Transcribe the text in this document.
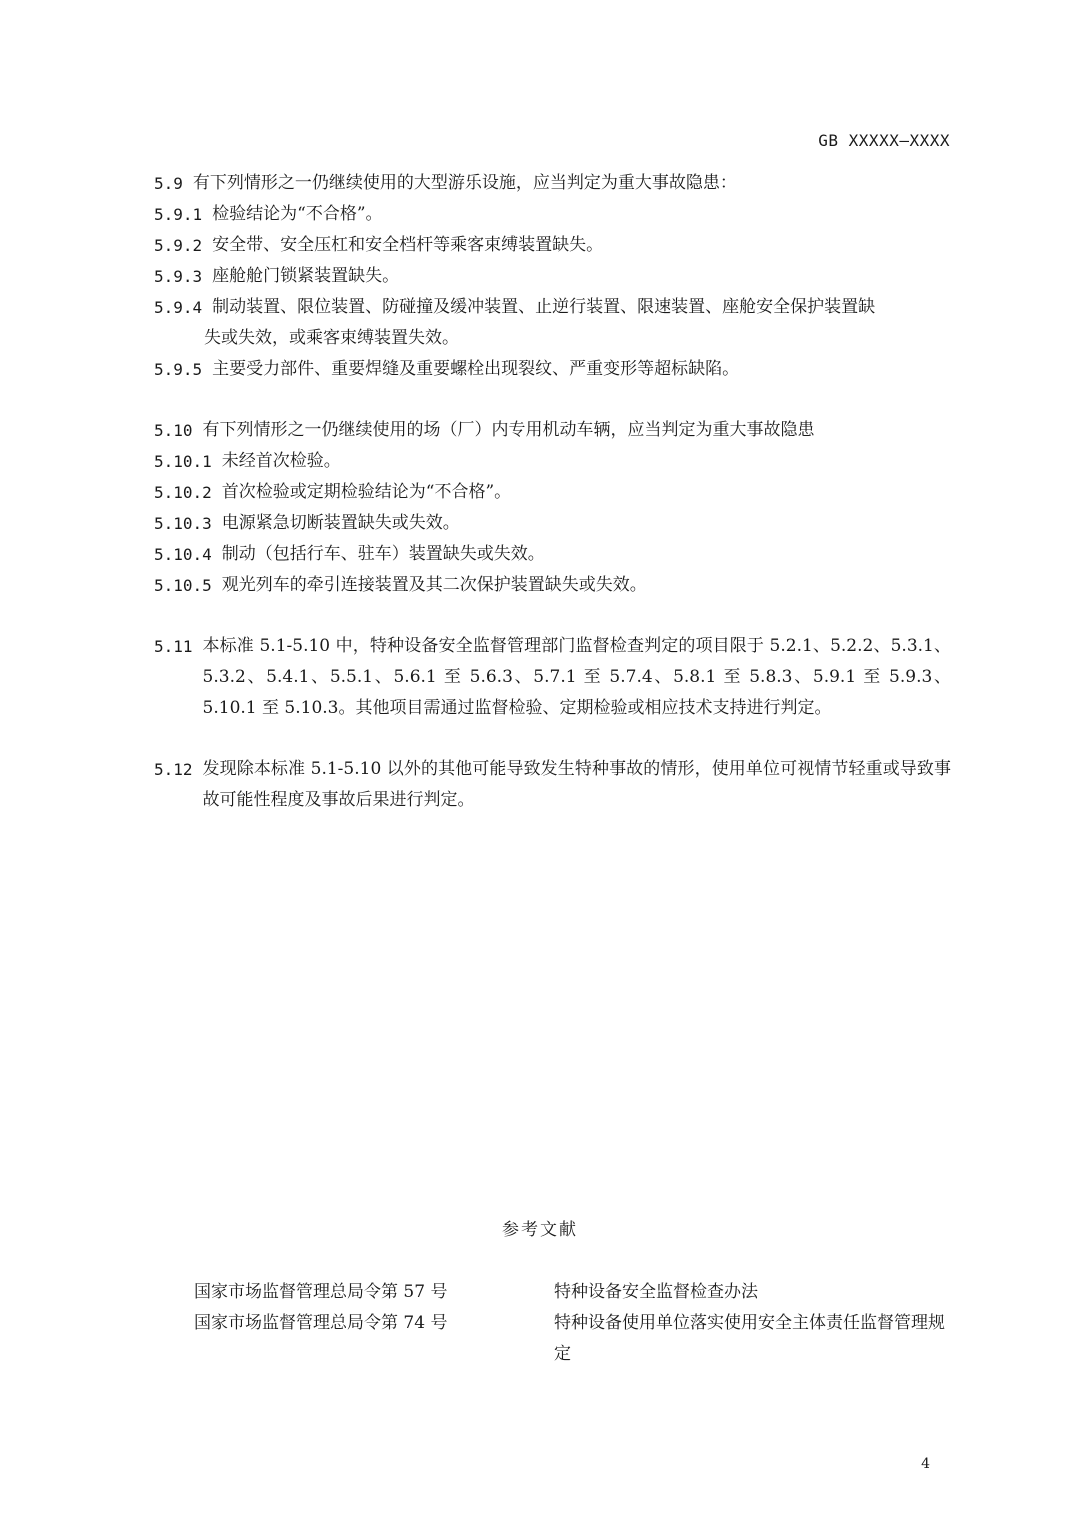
GB XXXXX—XXXX
5.9 有下列情形之一仍继续使用的大型游乐设施，应当判定为重大事故隐患：
5.9.1 检验结论为“不合格”。
5.9.2 安全带、安全压杠和安全档杆等乘客束缚装置缺失。
5.9.3 座舱舱门锁紧装置缺失。
5.9.4 制动装置、限位装置、防碰撞及缓冲装置、止逆行装置、限速装置、座舱安全保护装置缺
失或失效，或乘客束缚装置失效。
5.9.5 主要受力部件、重要焊缝及重要螺栓出现裂纹、严重变形等超标缺陷。
5.10 有下列情形之一仍继续使用的场（厂）内专用机动车辆，应当判定为重大事故隐患
5.10.1 未经首次检验。
5.10.2 首次检验或定期检验结论为“不合格”。
5.10.3 电源紧急切断装置缺失或失效。
5.10.4 制动（包括行车、驻车）装置缺失或失效。
5.10.5 观光列车的牵引连接装置及其二次保护装置缺失或失效。
5.11 本标准 5.1-5.10 中，特种设备安全监督管理部门监督检查判定的项目限于 5.2.1、5.2.2、5.3.1、5.3.2、5.4.1、5.5.1、5.6.1 至 5.6.3、5.7.1 至 5.7.4、5.8.1 至 5.8.3、5.9.1 至 5.9.3、5.10.1 至 5.10.3。其他项目需通过监督检验、定期检验或相应技术支持进行判定。
5.12 发现除本标准 5.1-5.10 以外的其他可能导致发生特种事故的情形，使用单位可视情节轻重或导致事故可能性程度及事故后果进行判定。
参考文献
国家市场监督管理总局令第 57 号	特种设备安全监督检查办法
国家市场监督管理总局令第 74 号	特种设备使用单位落实使用安全主体责任监督管理规定
4
